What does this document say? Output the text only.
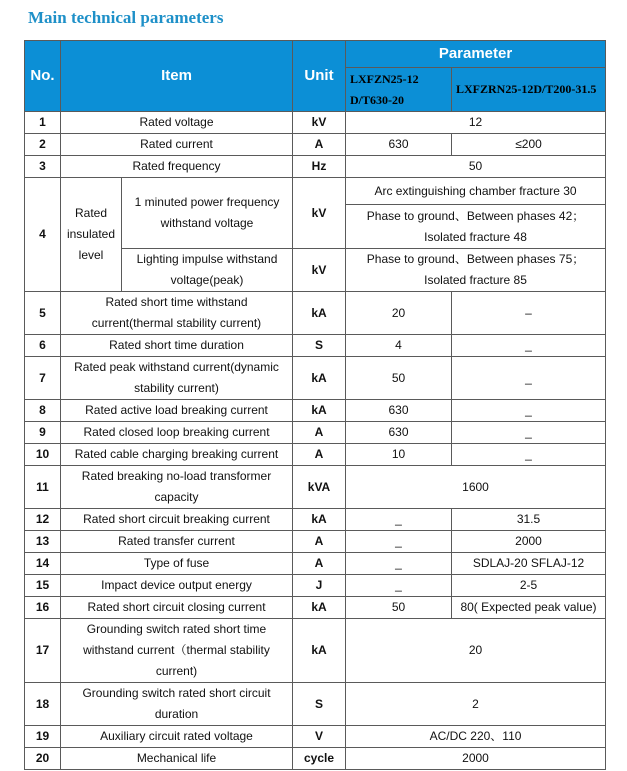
Main technical parameters
No.	Item		Unit	Parameter	
				LXFZN25-12 D/T630-20	LXFZRN25-12D/T200-31.5
1	Rated voltage		kV	12	
2	Rated current		A	630	≤200
3	Rated frequency		Hz	50	
4	Rated insulated level	1 minuted power frequency withstand voltage	kV	Arc extinguishing chamber fracture 30	
				Phase to ground、Between phases 42；Isolated fracture 48	
		Lighting impulse withstand voltage(peak)	kV	Phase to ground、Between phases 75；Isolated fracture 85	
5	Rated short time withstand current(thermal stability current)		kA	20	–
6	Rated short time duration		S	4	_
7	Rated peak withstand current(dynamic stability current)		kA	50	_
8	Rated active load breaking current		kA	630	_
9	Rated closed loop breaking current		A	630	_
10	Rated cable charging breaking current		A	10	_
11	Rated breaking no-load transformer capacity		kVA	1600	
12	Rated short circuit breaking current		kA	_	31.5
13	Rated transfer current		A	_	2000
14	Type of fuse		A	_	SDLAJ-20 SFLAJ-12
15	Impact device output energy		J	_	2-5
16	Rated short circuit closing current		kA	50	80( Expected peak value)
17	Grounding switch rated short time withstand current（thermal stability current)		kA	20	
18	Grounding switch rated short circuit duration		S	2	
19	Auxiliary circuit rated voltage		V	AC/DC 220、110	
20	Mechanical life		cycle	2000	
